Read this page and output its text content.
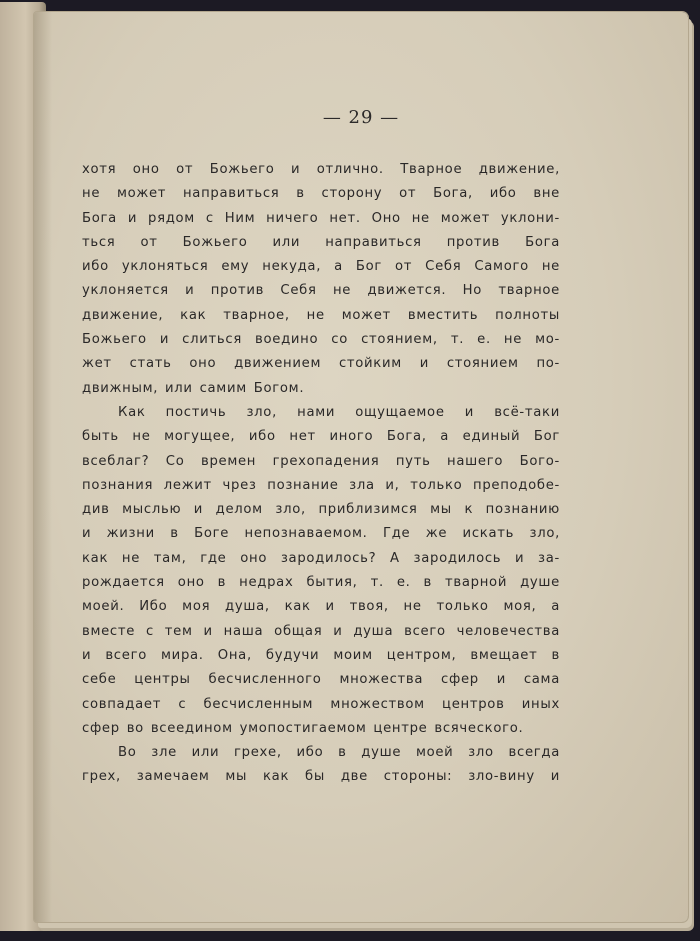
— 29 —
хотя оно от Божьего и отлично. Тварное движение,
не может направиться в сторону от Бога, ибо вне
Бога и рядом с Ним ничего нет. Оно не может уклони-
ться от Божьего или направиться против Бога
ибо уклоняться ему некуда, а Бог от Себя Самого не
уклоняется и против Себя не движется. Но тварное
движение, как тварное, не может вместить полноты
Божьего и слиться воедино со стоянием, т. е. не мо-
жет стать оно движением стойким и стоянием по-
движным, или самим Богом.
Как постичь зло, нами ощущаемое и всё-таки
быть не могущее, ибо нет иного Бога, а единый Бог
всеблаг? Со времен грехопадения путь нашего Бого-
познания лежит чрез познание зла и, только преподобе-
див мыслью и делом зло, приблизимся мы к познанию
и жизни в Боге непознаваемом. Где же искать зло,
как не там, где оно зародилось? А зародилось и за-
рождается оно в недрах бытия, т. е. в тварной душе
моей. Ибо моя душа, как и твоя, не только моя, а
вместе с тем и наша общая и душа всего человечества
и всего мира. Она, будучи моим центром, вмещает в
себе центры бесчисленного множества сфер и сама
совпадает с бесчисленным множеством центров иных
сфер во всеедином умопостигаемом центре всяческого.
Во зле или грехе, ибо в душе моей зло всегда
грех, замечаем мы как бы две стороны: зло-вину и
